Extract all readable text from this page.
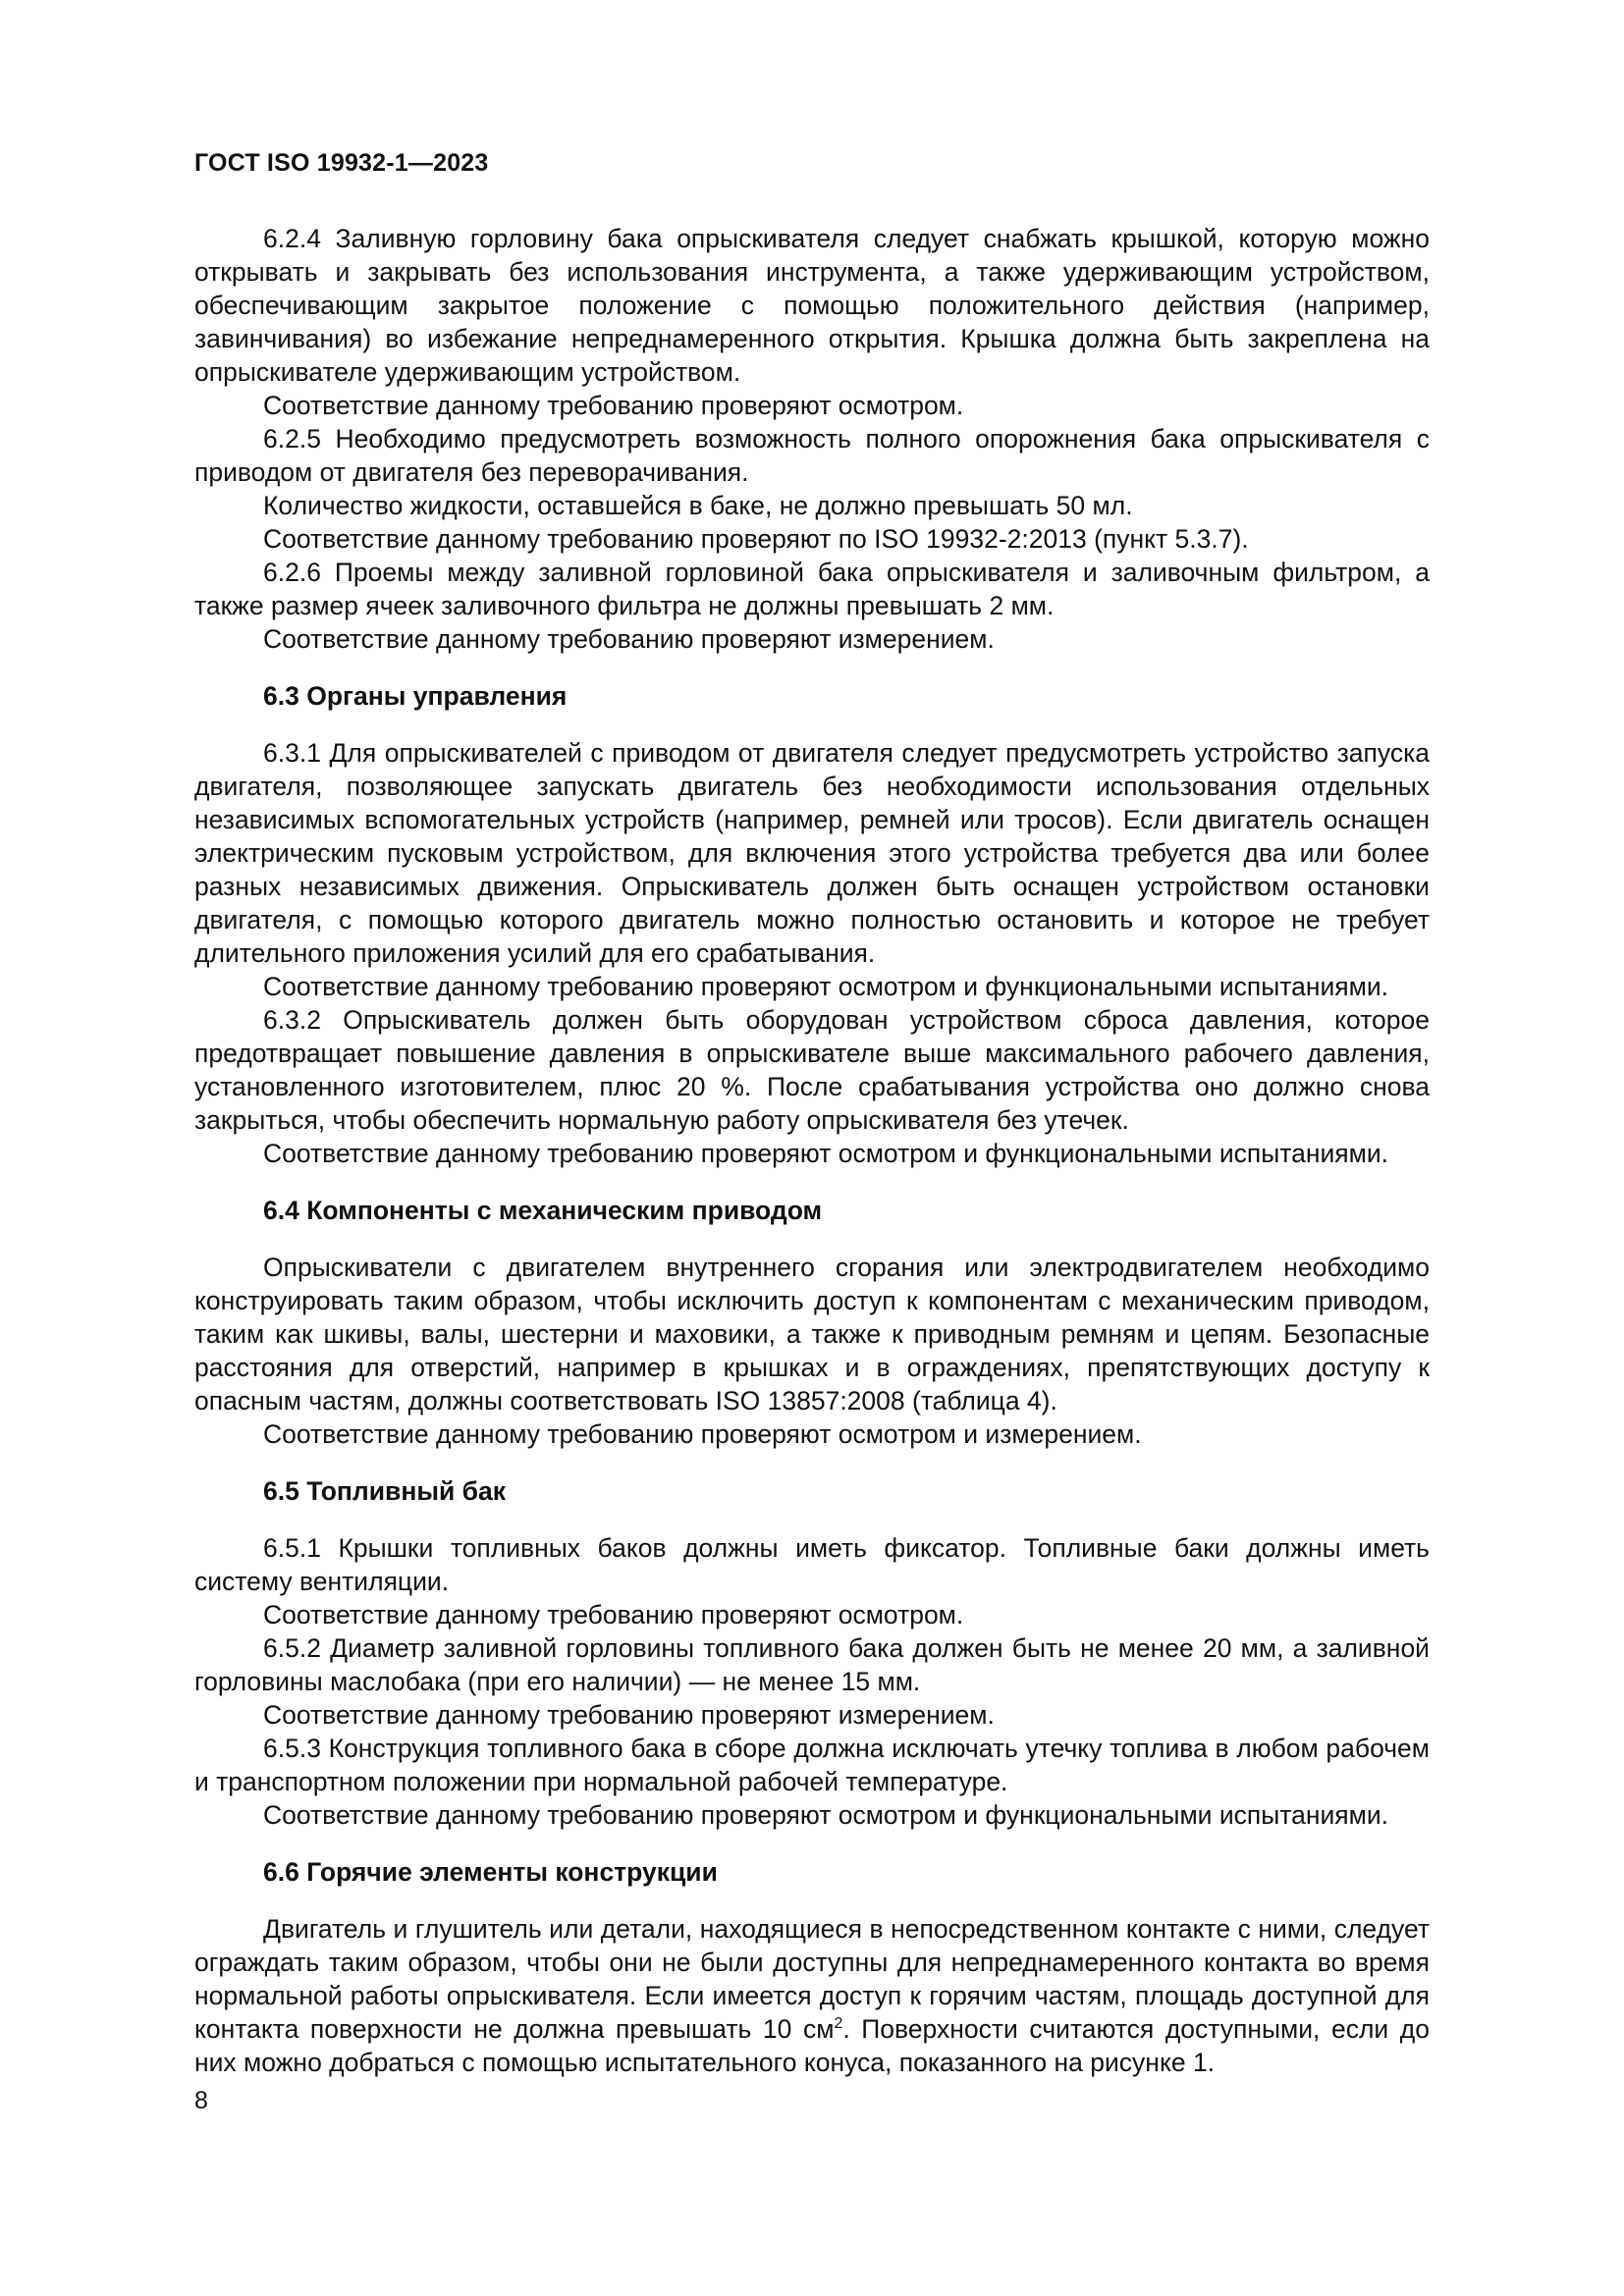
ГОСТ ISO 19932-1—2023

6.2.4 Заливную горловину бака опрыскивателя следует снабжать крышкой, которую можно открывать и закрывать без использования инструмента, а также удерживающим устройством, обеспечивающим закрытое положение с помощью положительного действия (например, завинчивания) во избежание непреднамеренного открытия. Крышка должна быть закреплена на опрыскивателе удерживающим устройством.

Соответствие данному требованию проверяют осмотром.

6.2.5 Необходимо предусмотреть возможность полного опорожнения бака опрыскивателя с приводом от двигателя без переворачивания.

Количество жидкости, оставшейся в баке, не должно превышать 50 мл.

Соответствие данному требованию проверяют по ISO 19932-2:2013 (пункт 5.3.7).

6.2.6 Проемы между заливной горловиной бака опрыскивателя и заливочным фильтром, а также размер ячеек заливочного фильтра не должны превышать 2 мм.

Соответствие данному требованию проверяют измерением.

6.3 Органы управления

6.3.1 Для опрыскивателей с приводом от двигателя следует предусмотреть устройство запуска двигателя, позволяющее запускать двигатель без необходимости использования отдельных независимых вспомогательных устройств (например, ремней или тросов). Если двигатель оснащен электрическим пусковым устройством, для включения этого устройства требуется два или более разных независимых движения. Опрыскиватель должен быть оснащен устройством остановки двигателя, с помощью которого двигатель можно полностью остановить и которое не требует длительного приложения усилий для его срабатывания.

Соответствие данному требованию проверяют осмотром и функциональными испытаниями.

6.3.2 Опрыскиватель должен быть оборудован устройством сброса давления, которое предотвращает повышение давления в опрыскивателе выше максимального рабочего давления, установленного изготовителем, плюс 20 %. После срабатывания устройства оно должно снова закрыться, чтобы обеспечить нормальную работу опрыскивателя без утечек.

Соответствие данному требованию проверяют осмотром и функциональными испытаниями.

6.4 Компоненты с механическим приводом

Опрыскиватели с двигателем внутреннего сгорания или электродвигателем необходимо конструировать таким образом, чтобы исключить доступ к компонентам с механическим приводом, таким как шкивы, валы, шестерни и маховики, а также к приводным ремням и цепям. Безопасные расстояния для отверстий, например в крышках и в ограждениях, препятствующих доступу к опасным частям, должны соответствовать ISO 13857:2008 (таблица 4).

Соответствие данному требованию проверяют осмотром и измерением.

6.5 Топливный бак

6.5.1 Крышки топливных баков должны иметь фиксатор. Топливные баки должны иметь систему вентиляции.

Соответствие данному требованию проверяют осмотром.

6.5.2 Диаметр заливной горловины топливного бака должен быть не менее 20 мм, а заливной горловины маслобака (при его наличии) — не менее 15 мм.

Соответствие данному требованию проверяют измерением.

6.5.3 Конструкция топливного бака в сборе должна исключать утечку топлива в любом рабочем и транспортном положении при нормальной рабочей температуре.

Соответствие данному требованию проверяют осмотром и функциональными испытаниями.

6.6 Горячие элементы конструкции

Двигатель и глушитель или детали, находящиеся в непосредственном контакте с ними, следует ограждать таким образом, чтобы они не были доступны для непреднамеренного контакта во время нормальной работы опрыскивателя. Если имеется доступ к горячим частям, площадь доступной для контакта поверхности не должна превышать 10 $см^2$. Поверхности считаются доступными, если до них можно добраться с помощью испытательного конуса, показанного на рисунке 1.

8
